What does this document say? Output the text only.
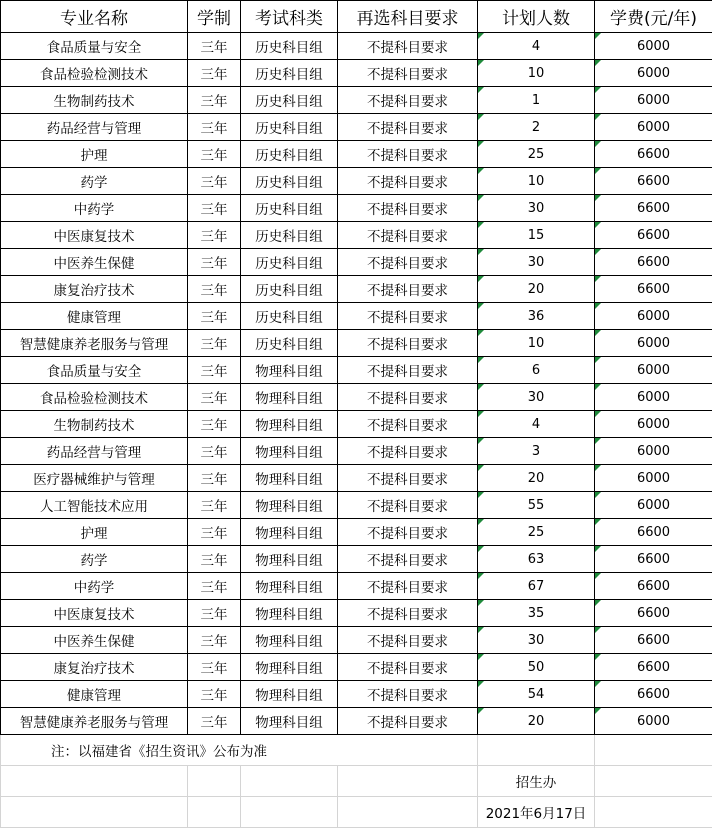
专业名称	学制	考试科类	再选科目要求	计划人数	学费(元/年)
食品质量与安全	三年	历史科目组	不提科目要求	4	6000
食品检验检测技术	三年	历史科目组	不提科目要求	10	6000
生物制药技术	三年	历史科目组	不提科目要求	1	6000
药品经营与管理	三年	历史科目组	不提科目要求	2	6000
护理	三年	历史科目组	不提科目要求	25	6600
药学	三年	历史科目组	不提科目要求	10	6600
中药学	三年	历史科目组	不提科目要求	30	6600
中医康复技术	三年	历史科目组	不提科目要求	15	6600
中医养生保健	三年	历史科目组	不提科目要求	30	6600
康复治疗技术	三年	历史科目组	不提科目要求	20	6600
健康管理	三年	历史科目组	不提科目要求	36	6000
智慧健康养老服务与管理	三年	历史科目组	不提科目要求	10	6000
食品质量与安全	三年	物理科目组	不提科目要求	6	6000
食品检验检测技术	三年	物理科目组	不提科目要求	30	6000
生物制药技术	三年	物理科目组	不提科目要求	4	6000
药品经营与管理	三年	物理科目组	不提科目要求	3	6000
医疗器械维护与管理	三年	物理科目组	不提科目要求	20	6000
人工智能技术应用	三年	物理科目组	不提科目要求	55	6000
护理	三年	物理科目组	不提科目要求	25	6600
药学	三年	物理科目组	不提科目要求	63	6600
中药学	三年	物理科目组	不提科目要求	67	6600
中医康复技术	三年	物理科目组	不提科目要求	35	6600
中医养生保健	三年	物理科目组	不提科目要求	30	6600
康复治疗技术	三年	物理科目组	不提科目要求	50	6600
健康管理	三年	物理科目组	不提科目要求	54	6600
智慧健康养老服务与管理	三年	物理科目组	不提科目要求	20	6000
注：以福建省《招生资讯》公布为准					
				招生办	
				2021年6月17日	
